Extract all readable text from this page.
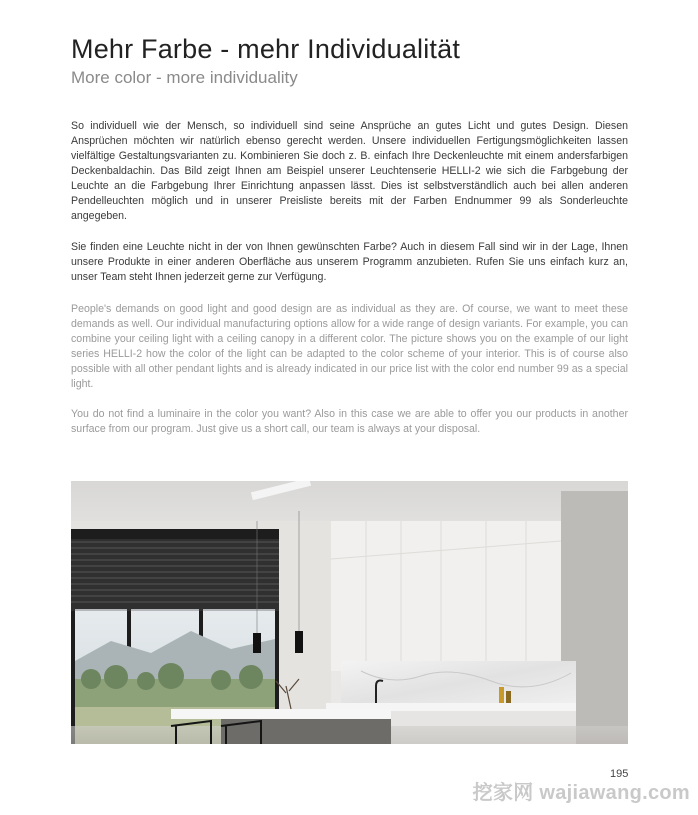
Mehr Farbe - mehr Individualität
More color - more individuality

So individuell wie der Mensch, so individuell sind seine Ansprüche an gutes Licht und gutes Design. Diesen Ansprüchen möchten wir natürlich ebenso gerecht werden. Unsere individuellen Fertigungsmöglichkeiten lassen vielfältige Gestaltungsvarianten zu. Kombinieren Sie doch z. B. einfach Ihre Deckenleuchte mit einem andersfarbigen Deckenbaldachin. Das Bild zeigt Ihnen am Beispiel unserer Leuchtenserie HELLI-2 wie sich die Farbgebung der Leuchte an die Farbgebung Ihrer Einrichtung anpassen lässt. Dies ist selbstverständlich auch bei allen anderen Pendelleuchten möglich und in unserer Preisliste bereits mit der Farben Endnummer 99 als Sonderleuchte angegeben.

Sie finden eine Leuchte nicht in der von Ihnen gewünschten Farbe? Auch in diesem Fall sind wir in der Lage, Ihnen unsere Produkte in einer anderen Oberfläche aus unserem Programm anzubieten. Rufen Sie uns einfach kurz an, unser Team steht Ihnen jederzeit gerne zur Verfügung.

People's demands on good light and good design are as individual as they are. Of course, we want to meet these demands as well. Our individual manufacturing options allow for a wide range of design variants. For example, you can combine your ceiling light with a ceiling canopy in a different color. The picture shows you on the example of our light series HELLI-2 how the color of the light can be adapted to the color scheme of your interior. This is of course also possible with all other pendant lights and is already indicated in our price list with the color end number 99 as a special light.

You do not find a luminaire in the color you want? Also in this case we are able to offer you our products in another surface from our program. Just give us a short call, our team is always at your disposal.

195
挖家网 wajiawang.com
